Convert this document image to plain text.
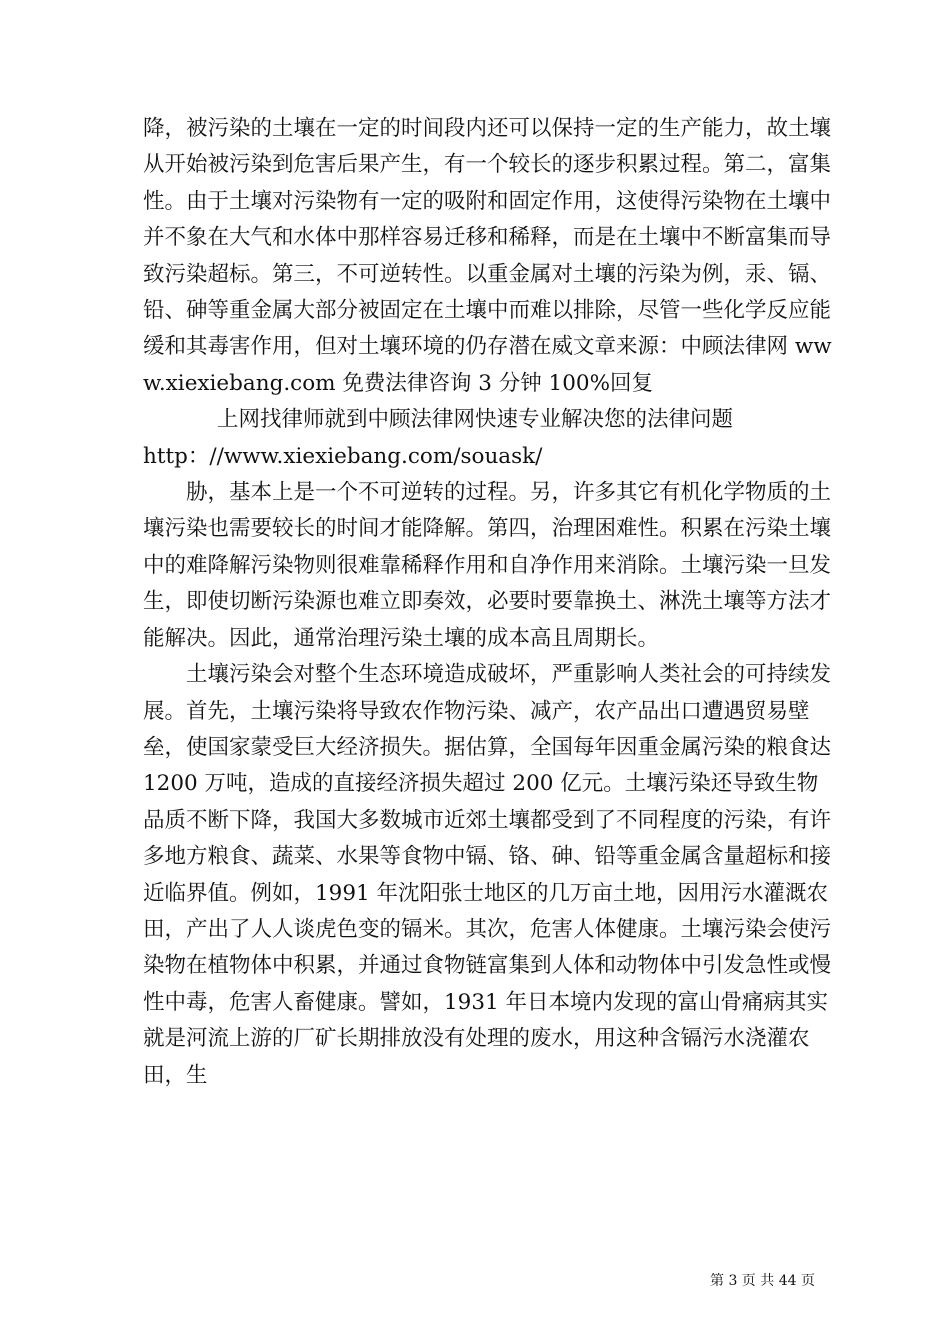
降，被污染的土壤在一定的时间段内还可以保持一定的生产能力，故土壤从开始被污染到危害后果产生，有一个较长的逐步积累过程。第二，富集性。由于土壤对污染物有一定的吸附和固定作用，这使得污染物在土壤中并不象在大气和水体中那样容易迁移和稀释，而是在土壤中不断富集而导致污染超标。第三，不可逆转性。以重金属对土壤的污染为例，汞、镉、铅、砷等重金属大部分被固定在土壤中而难以排除，尽管一些化学反应能缓和其毒害作用，但对土壤环境的仍存潜在威文章来源：中顾法律网 www.xiexiebang.com 免费法律咨询 3 分钟 100%回复

上网找律师就到中顾法律网快速专业解决您的法律问题

http：//www.xiexiebang.com/souask/

胁，基本上是一个不可逆转的过程。另，许多其它有机化学物质的土壤污染也需要较长的时间才能降解。第四，治理困难性。积累在污染土壤中的难降解污染物则很难靠稀释作用和自净作用来消除。土壤污染一旦发生，即使切断污染源也难立即奏效，必要时要靠换土、淋洗土壤等方法才能解决。因此，通常治理污染土壤的成本高且周期长。

土壤污染会对整个生态环境造成破坏，严重影响人类社会的可持续发展。首先，土壤污染将导致农作物污染、减产，农产品出口遭遇贸易壁垒，使国家蒙受巨大经济损失。据估算，全国每年因重金属污染的粮食达 1200 万吨，造成的直接经济损失超过 200 亿元。土壤污染还导致生物品质不断下降，我国大多数城市近郊土壤都受到了不同程度的污染，有许多地方粮食、蔬菜、水果等食物中镉、铬、砷、铅等重金属含量超标和接近临界值。例如，1991 年沈阳张士地区的几万亩土地，因用污水灌溉农田，产出了人人谈虎色变的镉米。其次，危害人体健康。土壤污染会使污染物在植物体中积累，并通过食物链富集到人体和动物体中引发急性或慢性中毒，危害人畜健康。譬如，1931 年日本境内发现的富山骨痛病其实就是河流上游的厂矿长期排放没有处理的废水，用这种含镉污水浇灌农田，生

第 3 页 共 44 页
